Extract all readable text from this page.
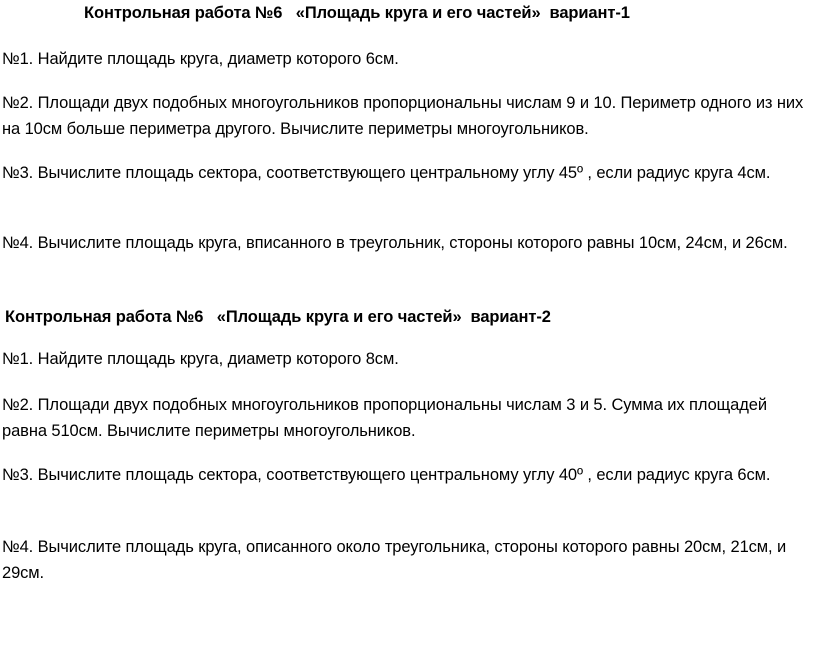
Контрольная работа №6   «Площадь круга и его частей»  вариант-1

№1. Найдите площадь круга, диаметр которого 6см.

№2. Площади двух подобных многоугольников пропорциональны числам 9 и 10. Периметр одного из них на 10см больше периметра другого. Вычислите периметры многоугольников.

№3. Вычислите площадь сектора, соответствующего центральному углу 45º , если радиус круга 4см.

№4. Вычислите площадь круга, вписанного в треугольник, стороны которого равны 10см, 24см, и 26см.

Контрольная работа №6   «Площадь круга и его частей»  вариант-2

№1. Найдите площадь круга, диаметр которого 8см.

№2. Площади двух подобных многоугольников пропорциональны числам 3 и 5. Сумма их площадей равна 510см. Вычислите периметры многоугольников.

№3. Вычислите площадь сектора, соответствующего центральному углу 40º , если радиус круга 6см.

№4. Вычислите площадь круга, описанного около треугольника, стороны которого равны 20см, 21см, и 29см.
